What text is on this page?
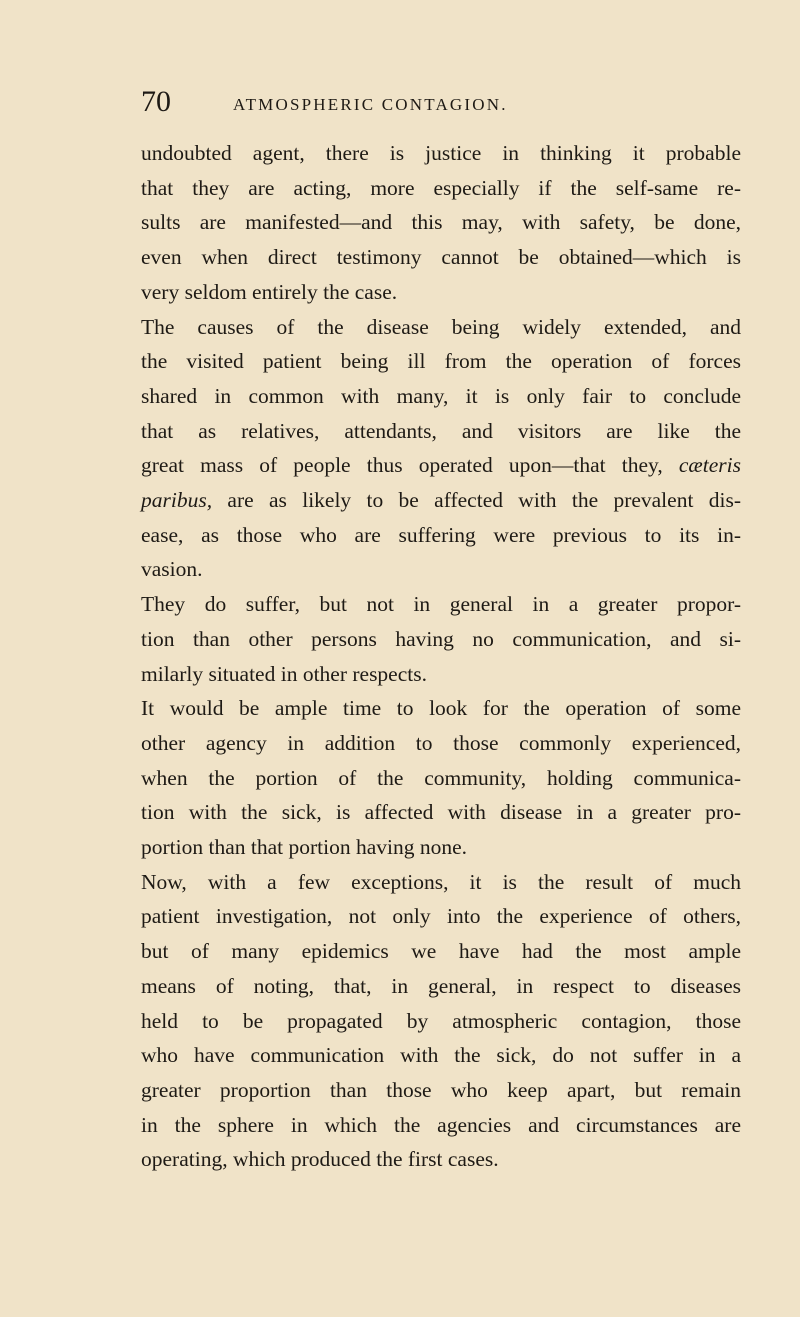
70	ATMOSPHERIC CONTAGION.
undoubted agent, there is justice in thinking it probable
that they are acting, more especially if the self-same re-
sults are manifested—and this may, with safety, be done,
even when direct testimony cannot be obtained—which is
very seldom entirely the case.
The causes of the disease being widely extended, and
the visited patient being ill from the operation of forces
shared in common with many, it is only fair to conclude
that as relatives, attendants, and visitors are like the
great mass of people thus operated upon—that they, cæteris
paribus, are as likely to be affected with the prevalent dis-
ease, as those who are suffering were previous to its in-
vasion.
They do suffer, but not in general in a greater propor-
tion than other persons having no communication, and si-
milarly situated in other respects.
It would be ample time to look for the operation of some
other agency in addition to those commonly experienced,
when the portion of the community, holding communica-
tion with the sick, is affected with disease in a greater pro-
portion than that portion having none.
Now, with a few exceptions, it is the result of much
patient investigation, not only into the experience of others,
but of many epidemics we have had the most ample
means of noting, that, in general, in respect to diseases
held to be propagated by atmospheric contagion, those
who have communication with the sick, do not suffer in a
greater proportion than those who keep apart, but remain
in the sphere in which the agencies and circumstances are
operating, which produced the first cases.
